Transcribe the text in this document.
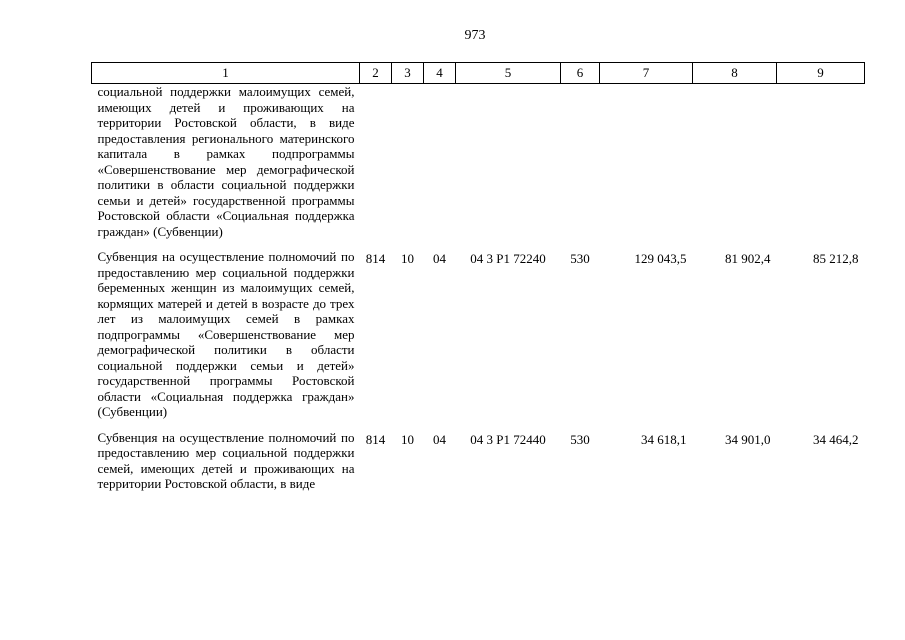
973
1	2	3	4	5	6	7	8	9
социальной поддержки малоимущих семей, имеющих детей и проживающих на территории Ростовской области, в виде предоставления регионального материнского капитала в рамках подпрограммы «Совершенствование мер демографической политики в области социальной поддержки семьи и детей» государственной программы Ростовской области «Социальная поддержка граждан» (Субвенции)								

Субвенция на осуществление полномочий по предоставлению мер социальной поддержки беременных женщин из малоимущих семей, кормящих матерей и детей в возрасте до трех лет из малоимущих семей в рамках подпрограммы «Совершенствование мер демографической политики в области социальной поддержки семьи и детей» государственной программы Ростовской области «Социальная поддержка граждан» (Субвенции)	814	10	04	04 3 P1 72240	530	129 043,5	81 902,4	85 212,8

Субвенция на осуществление полномочий по предоставлению мер социальной поддержки семей, имеющих детей и проживающих на территории Ростовской области, в виде	814	10	04	04 3 P1 72440	530	34 618,1	34 901,0	34 464,2
